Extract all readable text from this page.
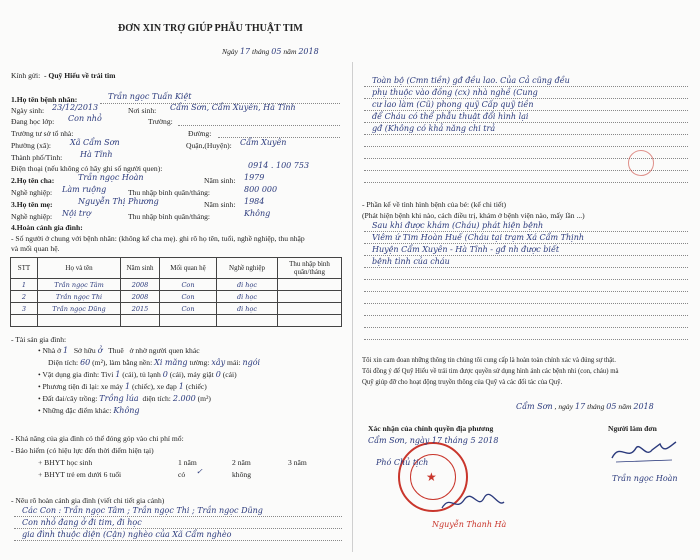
ĐƠN XIN TRỢ GIÚP PHẪU THUẬT TIM
Ngày 17 tháng 05 năm 2018
Kính gửi: - Quỹ Hiểu về trái tim
1.Họ tên bệnh nhân:	Trần ngọc Tuấn Kiệt
Ngày sinh: 23/12/2013	Nơi sinh: Cẩm Sơn, Cẩm Xuyên, Hà Tĩnh
Đang học lớp: Con nhỏ	Trường:
Trường tư sở tổ nhà:	Đường:
Phường (xã): Xã Cẩm Sơn	Quận,(Huyện): Cẩm Xuyên
Thành phố/Tỉnh: Hà Tĩnh
Điện thoại (nếu không có hãy ghi số người quen):	0914 . 100 753
2.Họ tên cha:	Trần ngọc Hoàn	Năm sinh: 1979
Nghề nghiệp: Làm ruộng	Thu nhập bình quân/tháng:	800 000
3.Họ tên mẹ:	Nguyễn Thị Phương	Năm sinh: 1984
Nghề nghiệp: Nội trợ	Thu nhập bình quân/tháng:	Không
4.Hoàn cảnh gia đình:
- Số người ở chung với bệnh nhân: (không kể cha mẹ). ghi rõ họ tên, tuổi, nghề nghiệp, thu nhập
và mối quan hệ.
STT	Họ và tên	Năm sinh	Mối quan hệ	Nghề nghiệp	Thu nhập bình quân/tháng
1	Trần ngọc Tâm	2008	Con	đi học	
2	Trần ngọc Thi	2008	Con	đi học	
3	Trần ngọc Dũng	2015	Con	đi học	

- Tài sản gia đình:
• Nhà ở 1 Sở hữu ở Thuê ở nhờ người quen khác
Diện tích: 60 (m²), làm bằng nền: Xi măng tường: xây mái: ngói
• Vật dụng gia đình: Tivi 1 (cái), tủ lạnh 0 (cái), máy giặt 0 (cái)
• Phương tiện đi lại: xe máy 1 (chiếc), xe đạp 1 (chiếc)
• Đất đai/cây trồng: Trồng lúa diện tích: 2.000 (m²)
• Những đặc điểm khác: Không
- Khả năng của gia đình có thể đóng góp vào chi phí mổ:
- Bảo hiểm (có hiệu lực đến thời điểm hiện tại)
+ BHYT học sinh	1 năm	2 năm	3 năm
+ BHYT trẻ em dưới 6 tuổi	có ✓	không
- Nêu rõ hoàn cảnh gia đình (viết chi tiết gia cảnh)
Các Con : Trần ngọc Tâm ; Trần ngọc Thi ; Trần ngọc Dũng
Con nhỏ đang ở đi tim, đi học
gia đình thuộc diện (Cận) nghèo của Xã Cẩm nghèo
Toàn bộ (Cmn tiền) gđ đều lao. Của Cả cũng đều
phụ thuộc vào đồng (cx) nhà nghề (Cung
cư lao làm (Cũ) phong quỹ Cấp quỹ tiền
để Cháu có thể phẫu thuật đổi hình lại
gđ (Không có khả năng chi trả
- Phần kể về tình hình bệnh của bé: (kể chi tiết)
(Phát hiện bệnh khi nào, cách điều trị, khám ở bệnh viện nào, mấy lần ...)
Sau khi được khám (Cháu) phát hiện bệnh
Viêm ứ Tim Hoàn Huế (Cháu tại trạm Xá Cẩm Thịnh
Huyện Cẩm Xuyên - Hà Tĩnh - gđ nh được biết
bệnh tình của cháu
Tôi xin cam đoan những thông tin chúng tôi cung cấp là hoàn toàn chính xác và đúng sự thật.
Tôi đồng ý để Quỹ Hiểu về trái tim được quyền sử dụng hình ảnh các bệnh nhi (con, cháu) mà
Quỹ giúp đỡ cho hoạt động truyền thông của Quỹ và các đối tác của Quỹ.
Cẩm Sơn , ngày 17 tháng 05 năm 2018
Xác nhận của chính quyền địa phương	Người làm đơn
★
Cẩm Sơn, ngày 17 tháng 5 2018
Phó Chủ tịch
Nguyễn Thanh Hà
Trần ngọc Hoàn
